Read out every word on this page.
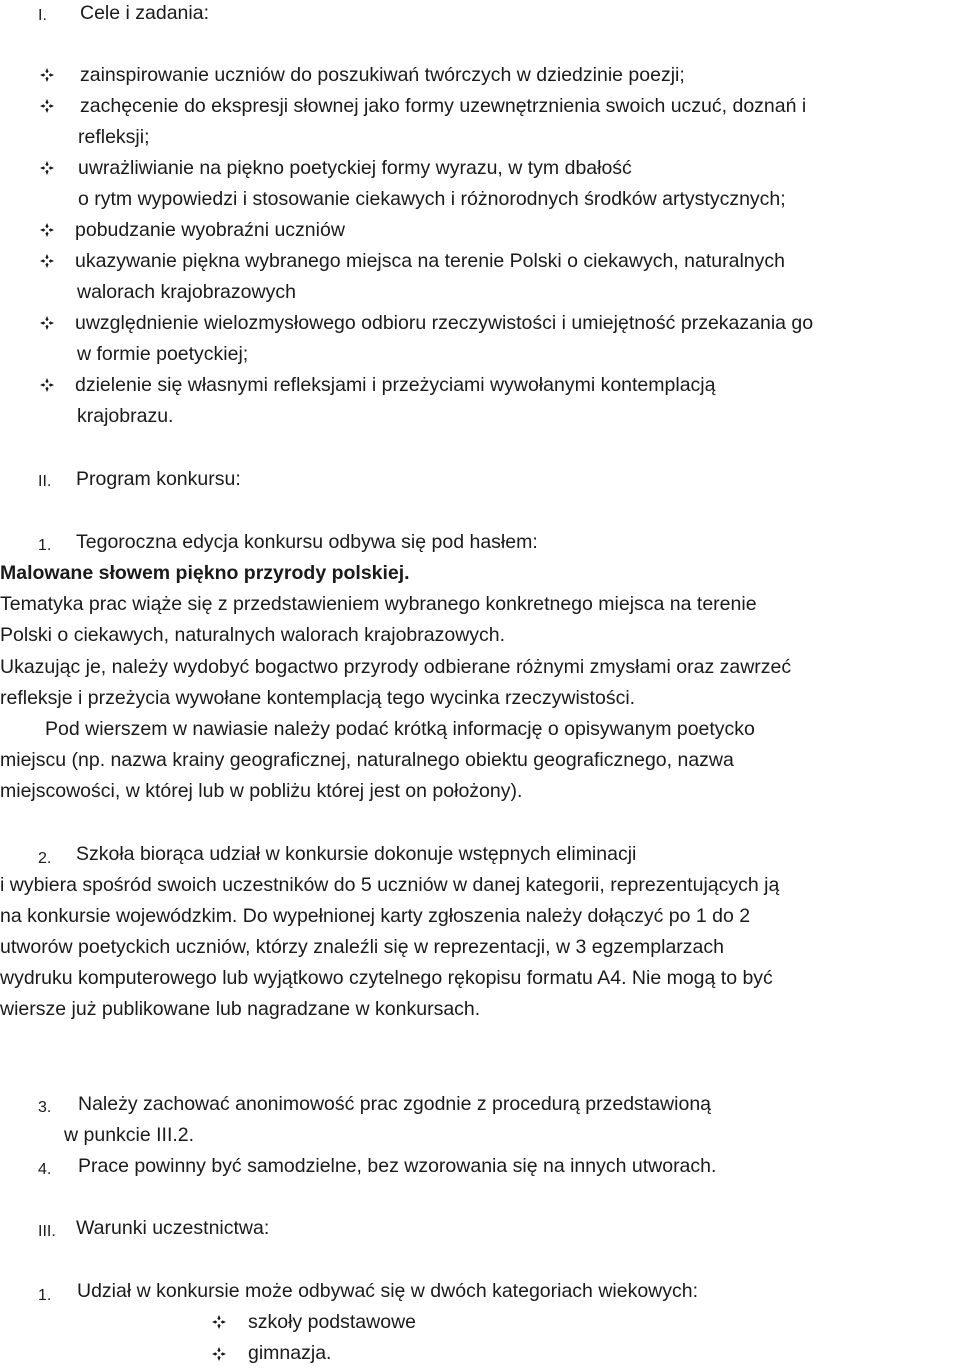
I. Cele i zadania:
zainspirowanie uczniów do poszukiwań twórczych w dziedzinie poezji;
zachęcenie do ekspresji słownej jako formy uzewnętrznienia swoich uczuć, doznań i
refleksji;
uwrażliwianie na piękno poetyckiej formy wyrazu, w tym dbałość
o rytm wypowiedzi i stosowanie ciekawych i różnorodnych środków artystycznych;
pobudzanie wyobraźni uczniów
ukazywanie piękna wybranego miejsca na terenie Polski o ciekawych, naturalnych
walorach krajobrazowych
uwzględnienie wielozmysłowego odbioru rzeczywistości i umiejętność przekazania go
w formie poetyckiej;
dzielenie się własnymi refleksjami i przeżyciami wywołanymi kontemplacją
krajobrazu.
II. Program konkursu:
1. Tegoroczna edycja konkursu odbywa się pod hasłem:
Malowane słowem piękno przyrody polskiej.
Tematyka prac wiąże się z przedstawieniem wybranego konkretnego miejsca na terenie
Polski o ciekawych, naturalnych walorach krajobrazowych.
Ukazując je, należy wydobyć bogactwo przyrody odbierane różnymi zmysłami oraz zawrzeć
refleksje i przeżycia wywołane kontemplacją tego wycinka rzeczywistości.
Pod wierszem w nawiasie należy podać krótką informację o opisywanym poetycko
miejscu (np. nazwa krainy geograficznej, naturalnego obiektu geograficznego, nazwa
miejscowości, w której lub w pobliżu której jest on położony).
2. Szkoła biorąca udział w konkursie dokonuje wstępnych eliminacji
i wybiera spośród swoich uczestników do 5 uczniów w danej kategorii, reprezentujących ją
na konkursie wojewódzkim. Do wypełnionej karty zgłoszenia należy dołączyć po 1 do 2
utworów poetyckich uczniów, którzy znaleźli się w reprezentacji, w 3 egzemplarzach
wydruku komputerowego lub wyjątkowo czytelnego rękopisu formatu A4. Nie mogą to być
wiersze już publikowane lub nagradzane w konkursach.
3. Należy zachować anonimowość prac zgodnie z procedurą przedstawioną
w punkcie III.2.
4. Prace powinny być samodzielne, bez wzorowania się na innych utworach.
III. Warunki uczestnictwa:
1. Udział w konkursie może odbywać się w dwóch kategoriach wiekowych:
szkoły podstawowe
gimnazja.
